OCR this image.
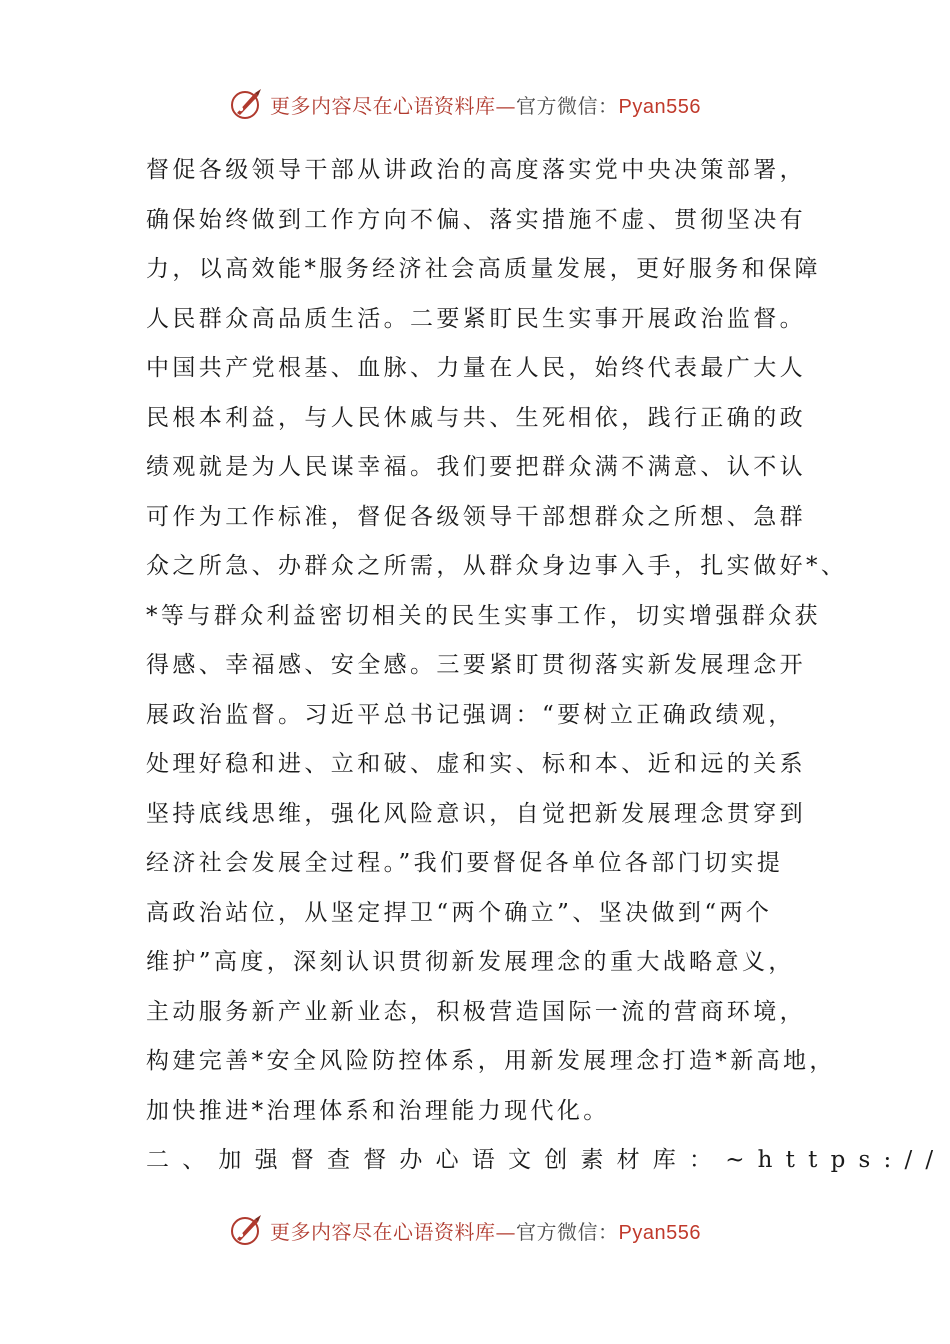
更多内容尽在心语资料库—官方微信：Pyan556
督促各级领导干部从讲政治的高度落实党中央决策部署，
确保始终做到工作方向不偏、落实措施不虚、贯彻坚决有
力，以高效能*服务经济社会高质量发展，更好服务和保障
人民群众高品质生活。二要紧盯民生实事开展政治监督。
中国共产党根基、血脉、力量在人民，始终代表最广大人
民根本利益，与人民休戚与共、生死相依，践行正确的政
绩观就是为人民谋幸福。我们要把群众满不满意、认不认
可作为工作标准，督促各级领导干部想群众之所想、急群
众之所急、办群众之所需，从群众身边事入手，扎实做好*、
*等与群众利益密切相关的民生实事工作，切实增强群众获
得感、幸福感、安全感。三要紧盯贯彻落实新发展理念开
展政治监督。习近平总书记强调：“要树立正确政绩观，
处理好稳和进、立和破、虚和实、标和本、近和远的关系
坚持底线思维，强化风险意识，自觉把新发展理念贯穿到
经济社会发展全过程。”我们要督促各单位各部门切实提
高政治站位，从坚定捍卫“两个确立”、坚决做到“两个
维护”高度，深刻认识贯彻新发展理念的重大战略意义，
主动服务新产业新业态，积极营造国际一流的营商环境，
构建完善*安全风险防控体系，用新发展理念打造*新高地，
加快推进*治理体系和治理能力现代化。
二、加强督查督办心语文创素材库：~https://
更多内容尽在心语资料库—官方微信：Pyan556
